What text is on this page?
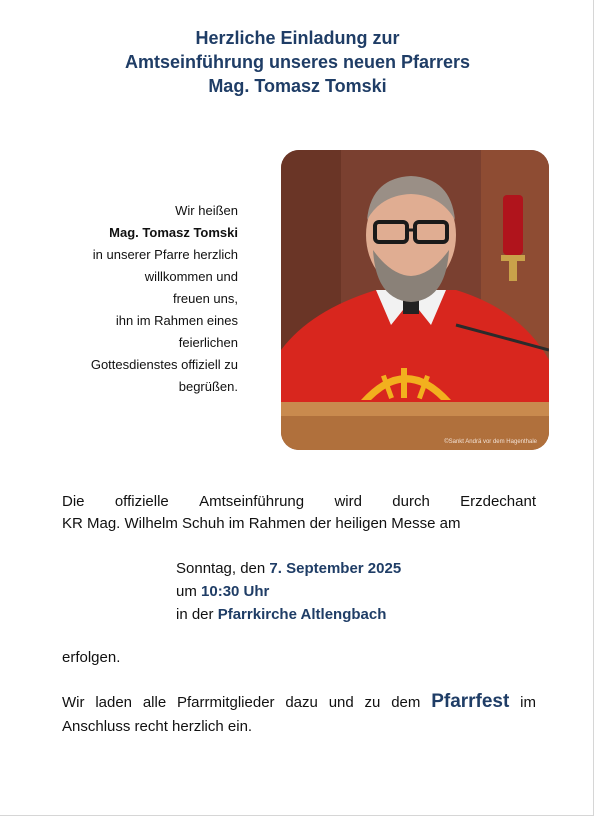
Herzliche Einladung zur
Amtseinführung unseres neuen Pfarrers
Mag. Tomasz Tomski
Wir heißen
Mag. Tomasz Tomski
in unserer Pfarre herzlich
willkommen und
freuen uns,
ihn im Rahmen eines
feierlichen
Gottesdienstes offiziell zu
begrüßen.
©Sankt Andrä vor dem Hagenthale
Die offizielle Amtseinführung wird durch Erzdechant
KR Mag. Wilhelm Schuh im Rahmen der heiligen Messe am
Sonntag, den 7. September 2025
um 10:30 Uhr
in der Pfarrkirche Altlengbach
erfolgen.
Wir laden alle Pfarrmitglieder dazu und zu dem Pfarrfest im
Anschluss recht herzlich ein.
